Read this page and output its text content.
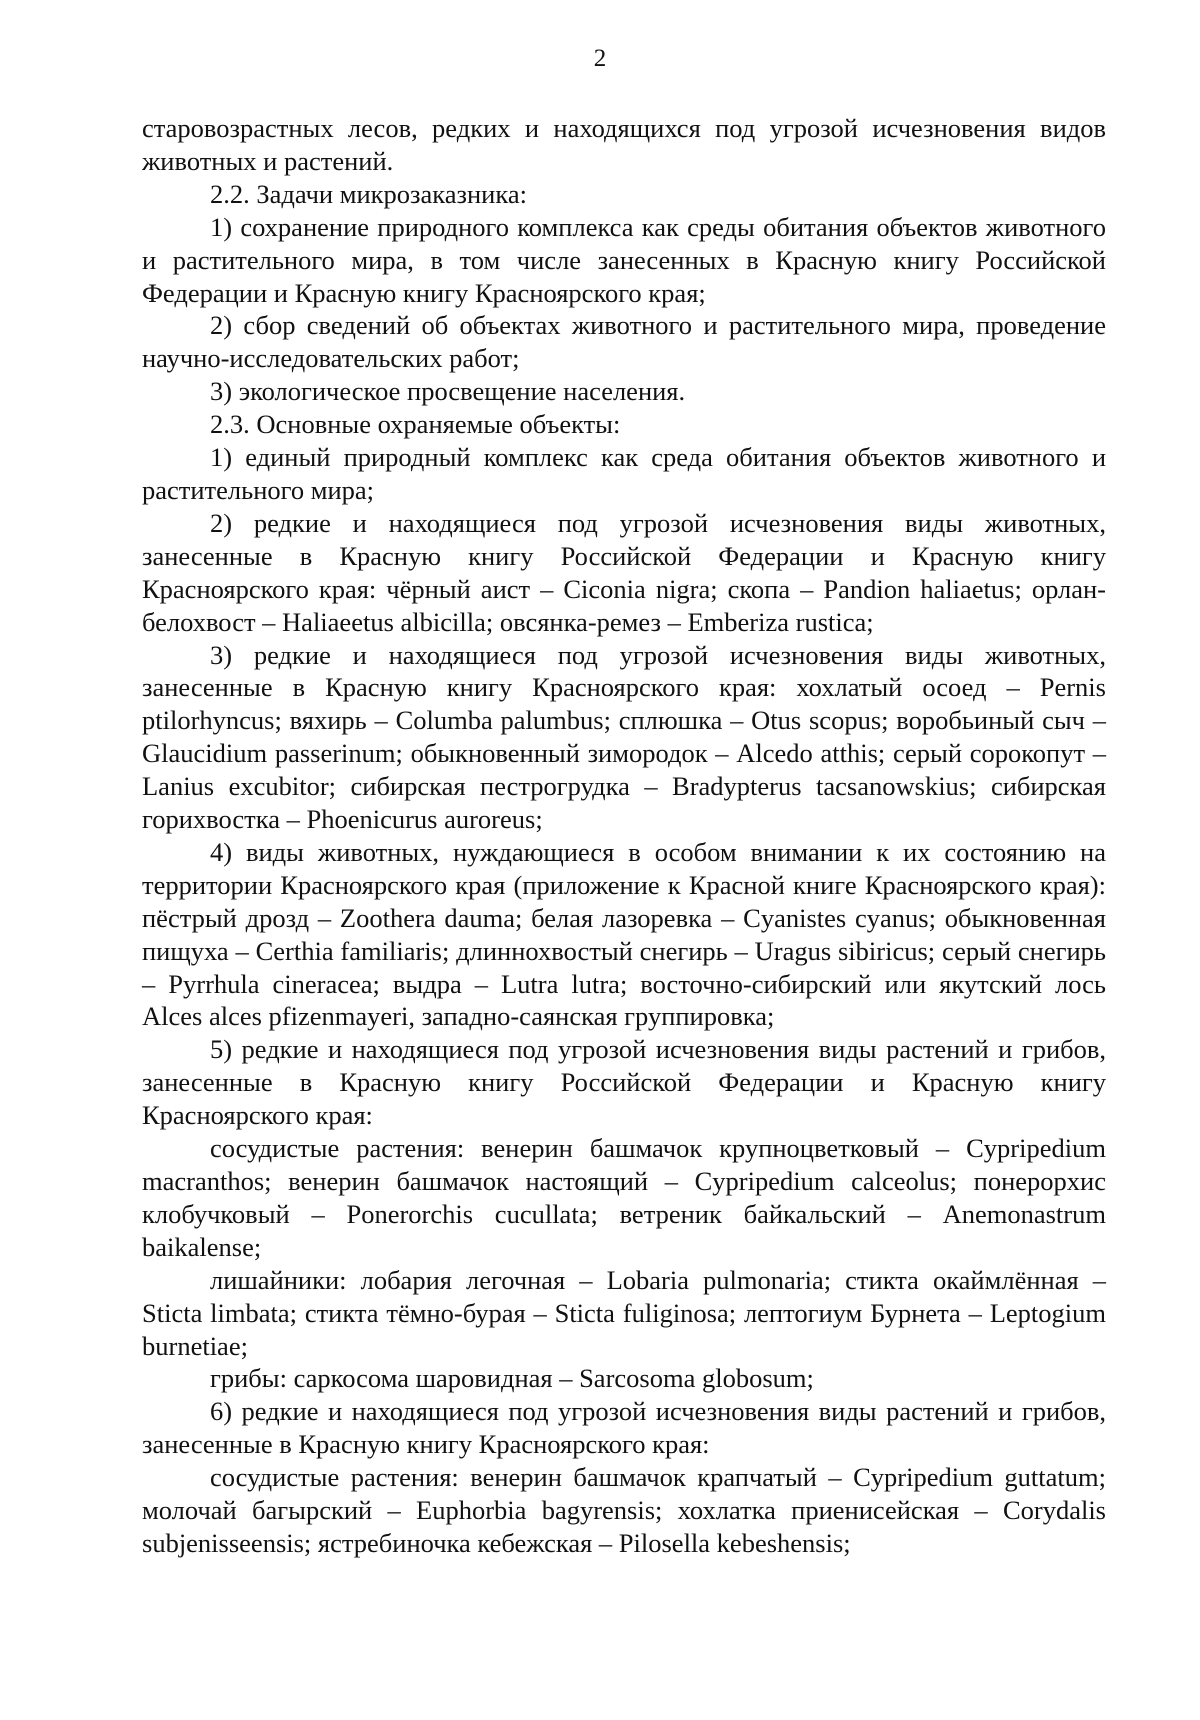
2

старовозрастных лесов, редких и находящихся под угрозой исчезновения видов животных и растений.

2.2. Задачи микрозаказника:

1) сохранение природного комплекса как среды обитания объектов животного и растительного мира, в том числе занесенных в Красную книгу Российской Федерации и Красную книгу Красноярского края;

2) сбор сведений об объектах животного и растительного мира, проведение научно-исследовательских работ;

3) экологическое просвещение населения.

2.3. Основные охраняемые объекты:

1) единый природный комплекс как среда обитания объектов животного и растительного мира;

2) редкие и находящиеся под угрозой исчезновения виды животных, занесенные в Красную книгу Российской Федерации и Красную книгу Красноярского края: чёрный аист – Ciconia nigra; скопа – Pandion haliaetus; орлан-белохвост – Haliaeetus albicilla; овсянка-ремез – Emberiza rustica;

3) редкие и находящиеся под угрозой исчезновения виды животных, занесенные в Красную книгу Красноярского края: хохлатый осоед – Pernis ptilorhyncus; вяхирь – Columba palumbus; сплюшка – Otus scopus; воробьиный сыч – Glaucidium passerinum; обыкновенный зимородок – Alcedo atthis; серый сорокопут – Lanius excubitor; сибирская пестрогрудка – Bradypterus tacsanowskius; сибирская горихвостка – Phoenicurus auroreus;

4) виды животных, нуждающиеся в особом внимании к их состоянию на территории Красноярского края (приложение к Красной книге Красноярского края): пёстрый дрозд – Zoothera dauma; белая лазоревка – Cyanistes cyanus; обыкновенная пищуха – Certhia familiaris; длиннохвостый снегирь – Uragus sibiricus; серый снегирь – Pyrrhula cineracea; выдра – Lutra lutra; восточно-сибирский или якутский лось Alces alces pfizenmayeri, западно-саянская группировка;

5) редкие и находящиеся под угрозой исчезновения виды растений и грибов, занесенные в Красную книгу Российской Федерации и Красную книгу Красноярского края:

сосудистые растения: венерин башмачок крупноцветковый – Cypripedium macranthos; венерин башмачок настоящий – Cypripedium calceolus; понерорхис клобучковый – Ponerorchis cucullata; ветреник байкальский – Anemonastrum baikalense;

лишайники: лобария легочная – Lobaria pulmonaria; стикта окаймлённая – Sticta limbata; стикта тёмно-бурая – Sticta fuliginosa; лептогиум Бурнета – Leptogium burnetiae;

грибы: саркосома шаровидная – Sarcosoma globosum;

6) редкие и находящиеся под угрозой исчезновения виды растений и грибов, занесенные в Красную книгу Красноярского края:

сосудистые растения: венерин башмачок крапчатый – Cypripedium guttatum; молочай багырский – Euphorbia bagyrensis; хохлатка приенисейская – Corydalis subjenisseensis; ястребиночка кебежская – Pilosella kebeshensis;
